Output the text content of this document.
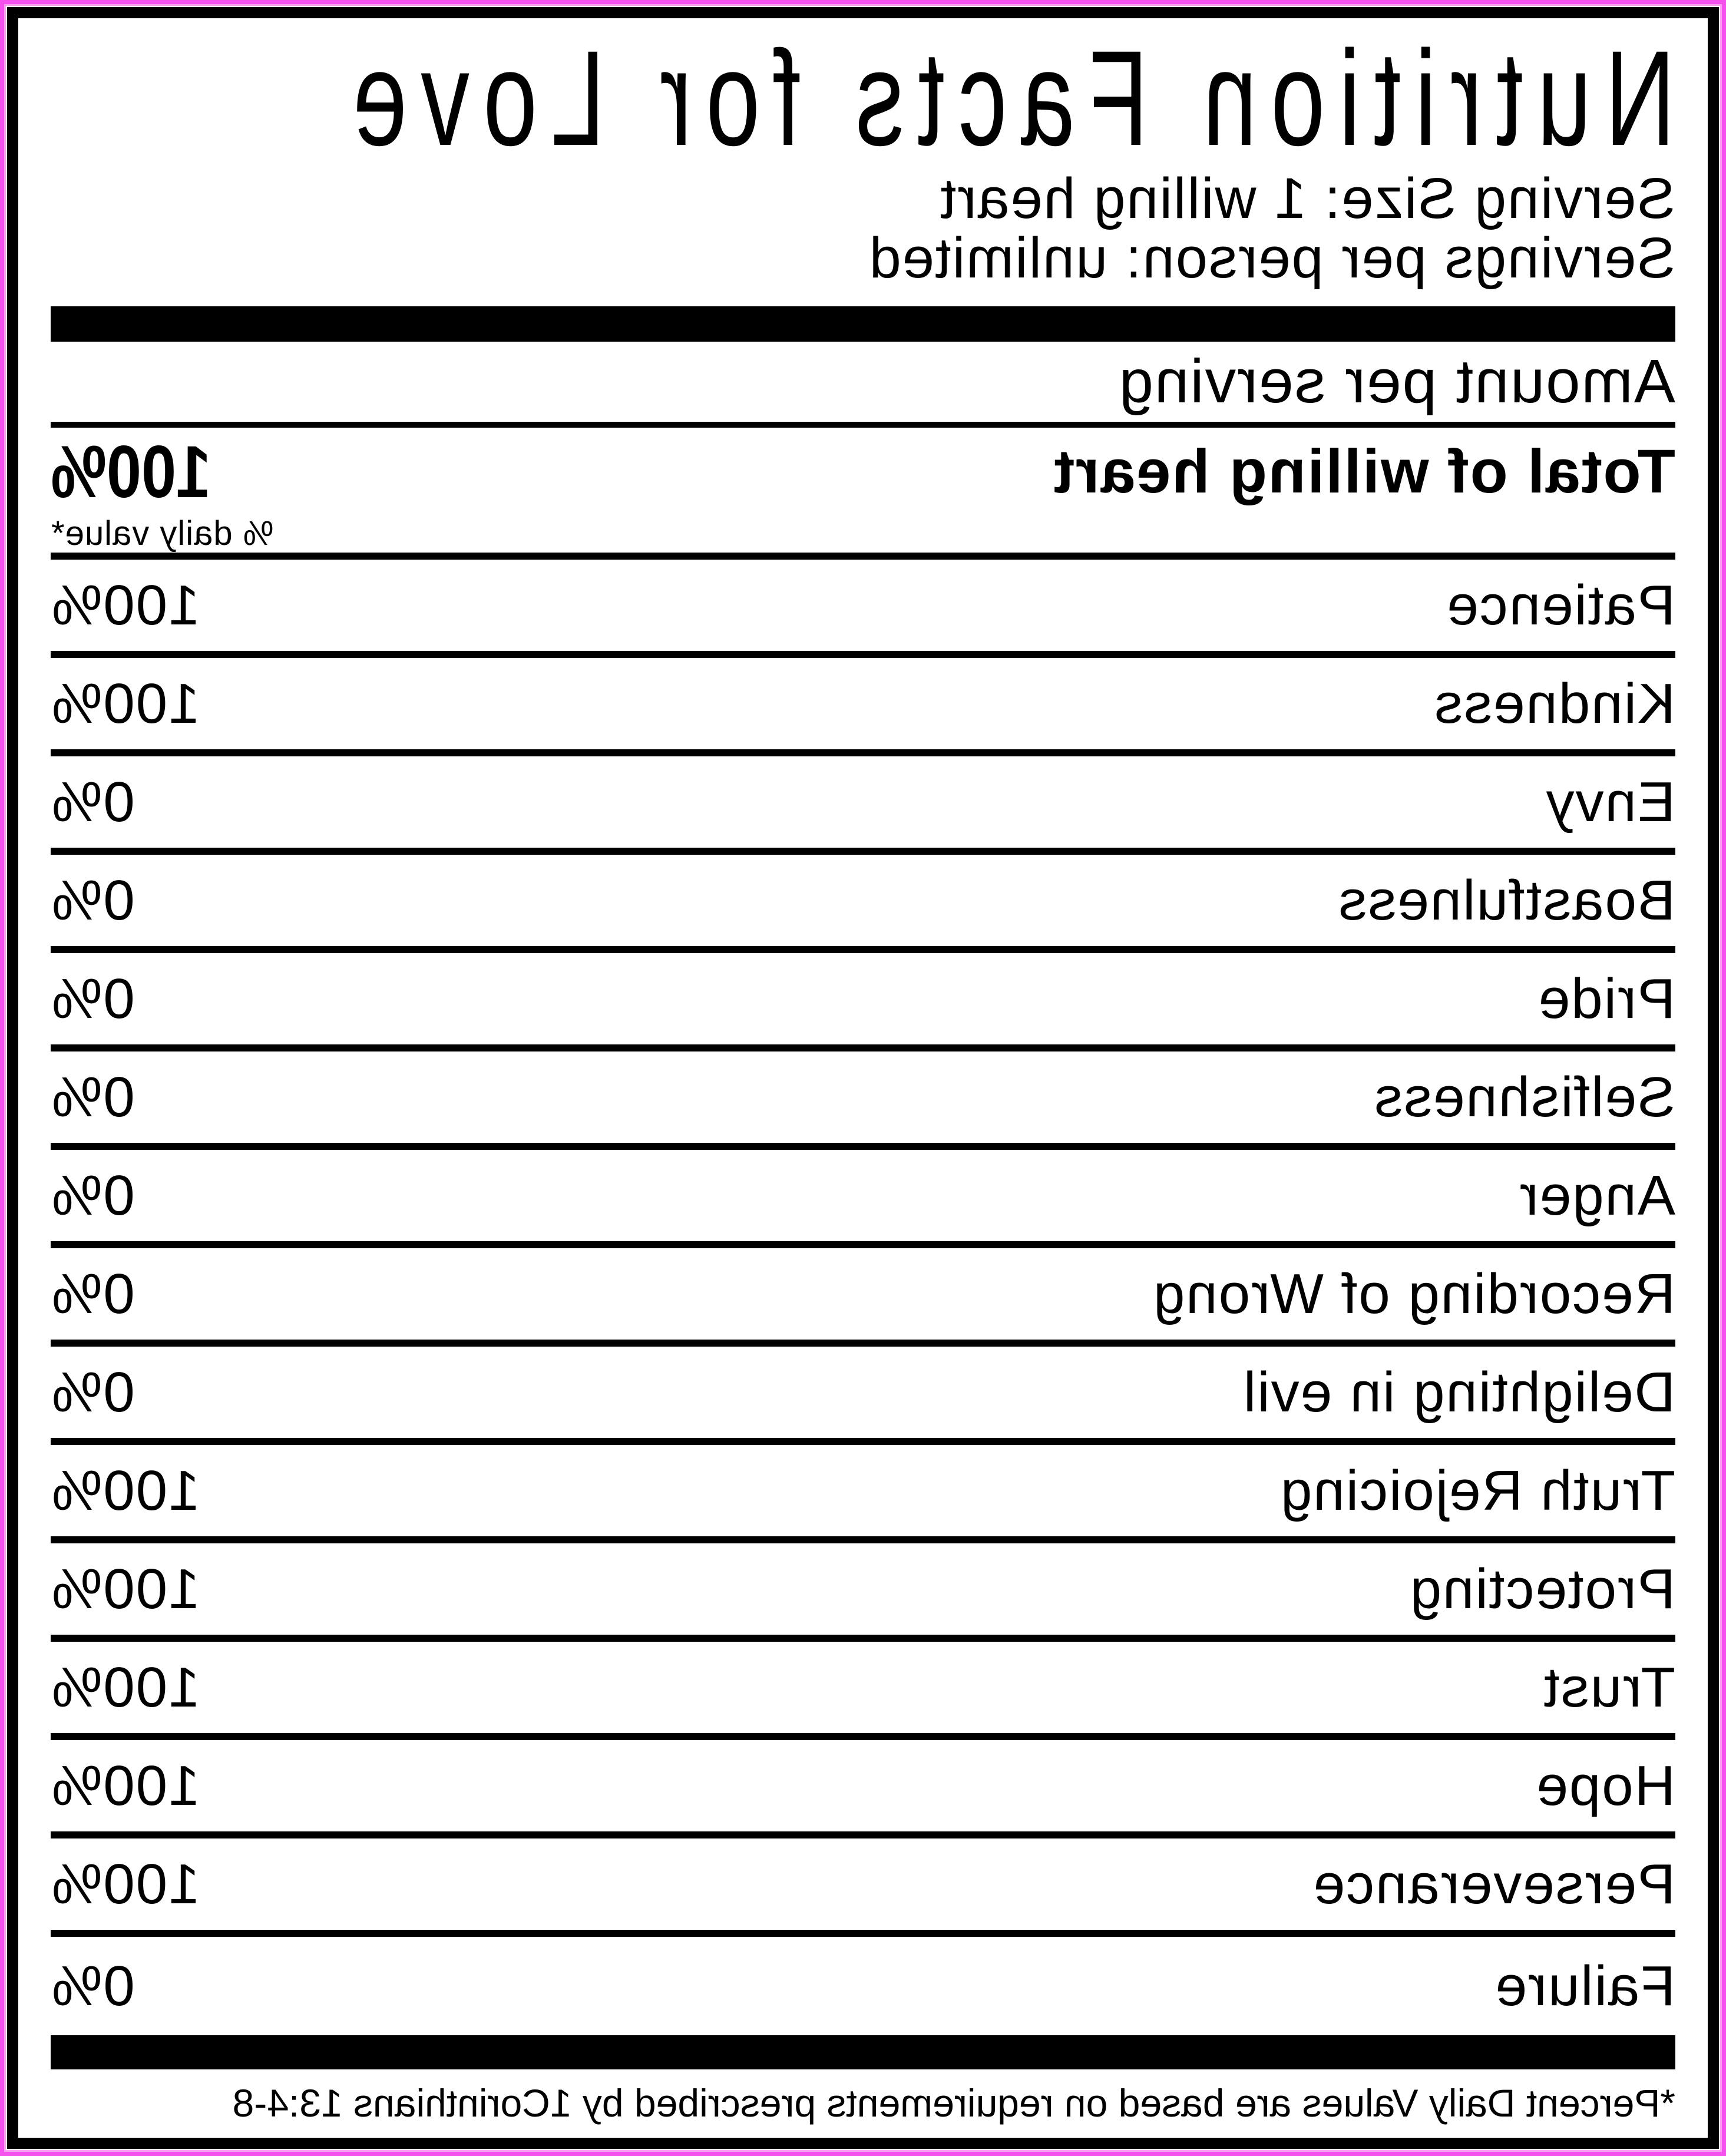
Nutrition Facts for Love
Serving Size: 1 willing heart
Servings per person: unlimited
Amount per serving
Total of willing heart
100%
% daily value*
Patience
100%
Kindness
100%
Envy
0%
Boastfulness
0%
Pride
0%
Selfishness
0%
Anger
0%
Recording of Wrong
0%
Delighting in evil
0%
Truth Rejoicing
100%
Protecting
100%
Trust
100%
Hope
100%
Perseverance
100%
Failure
0%
*Percent Daily Values are based on requirements prescribed by 1Corinthians 13:4-8
